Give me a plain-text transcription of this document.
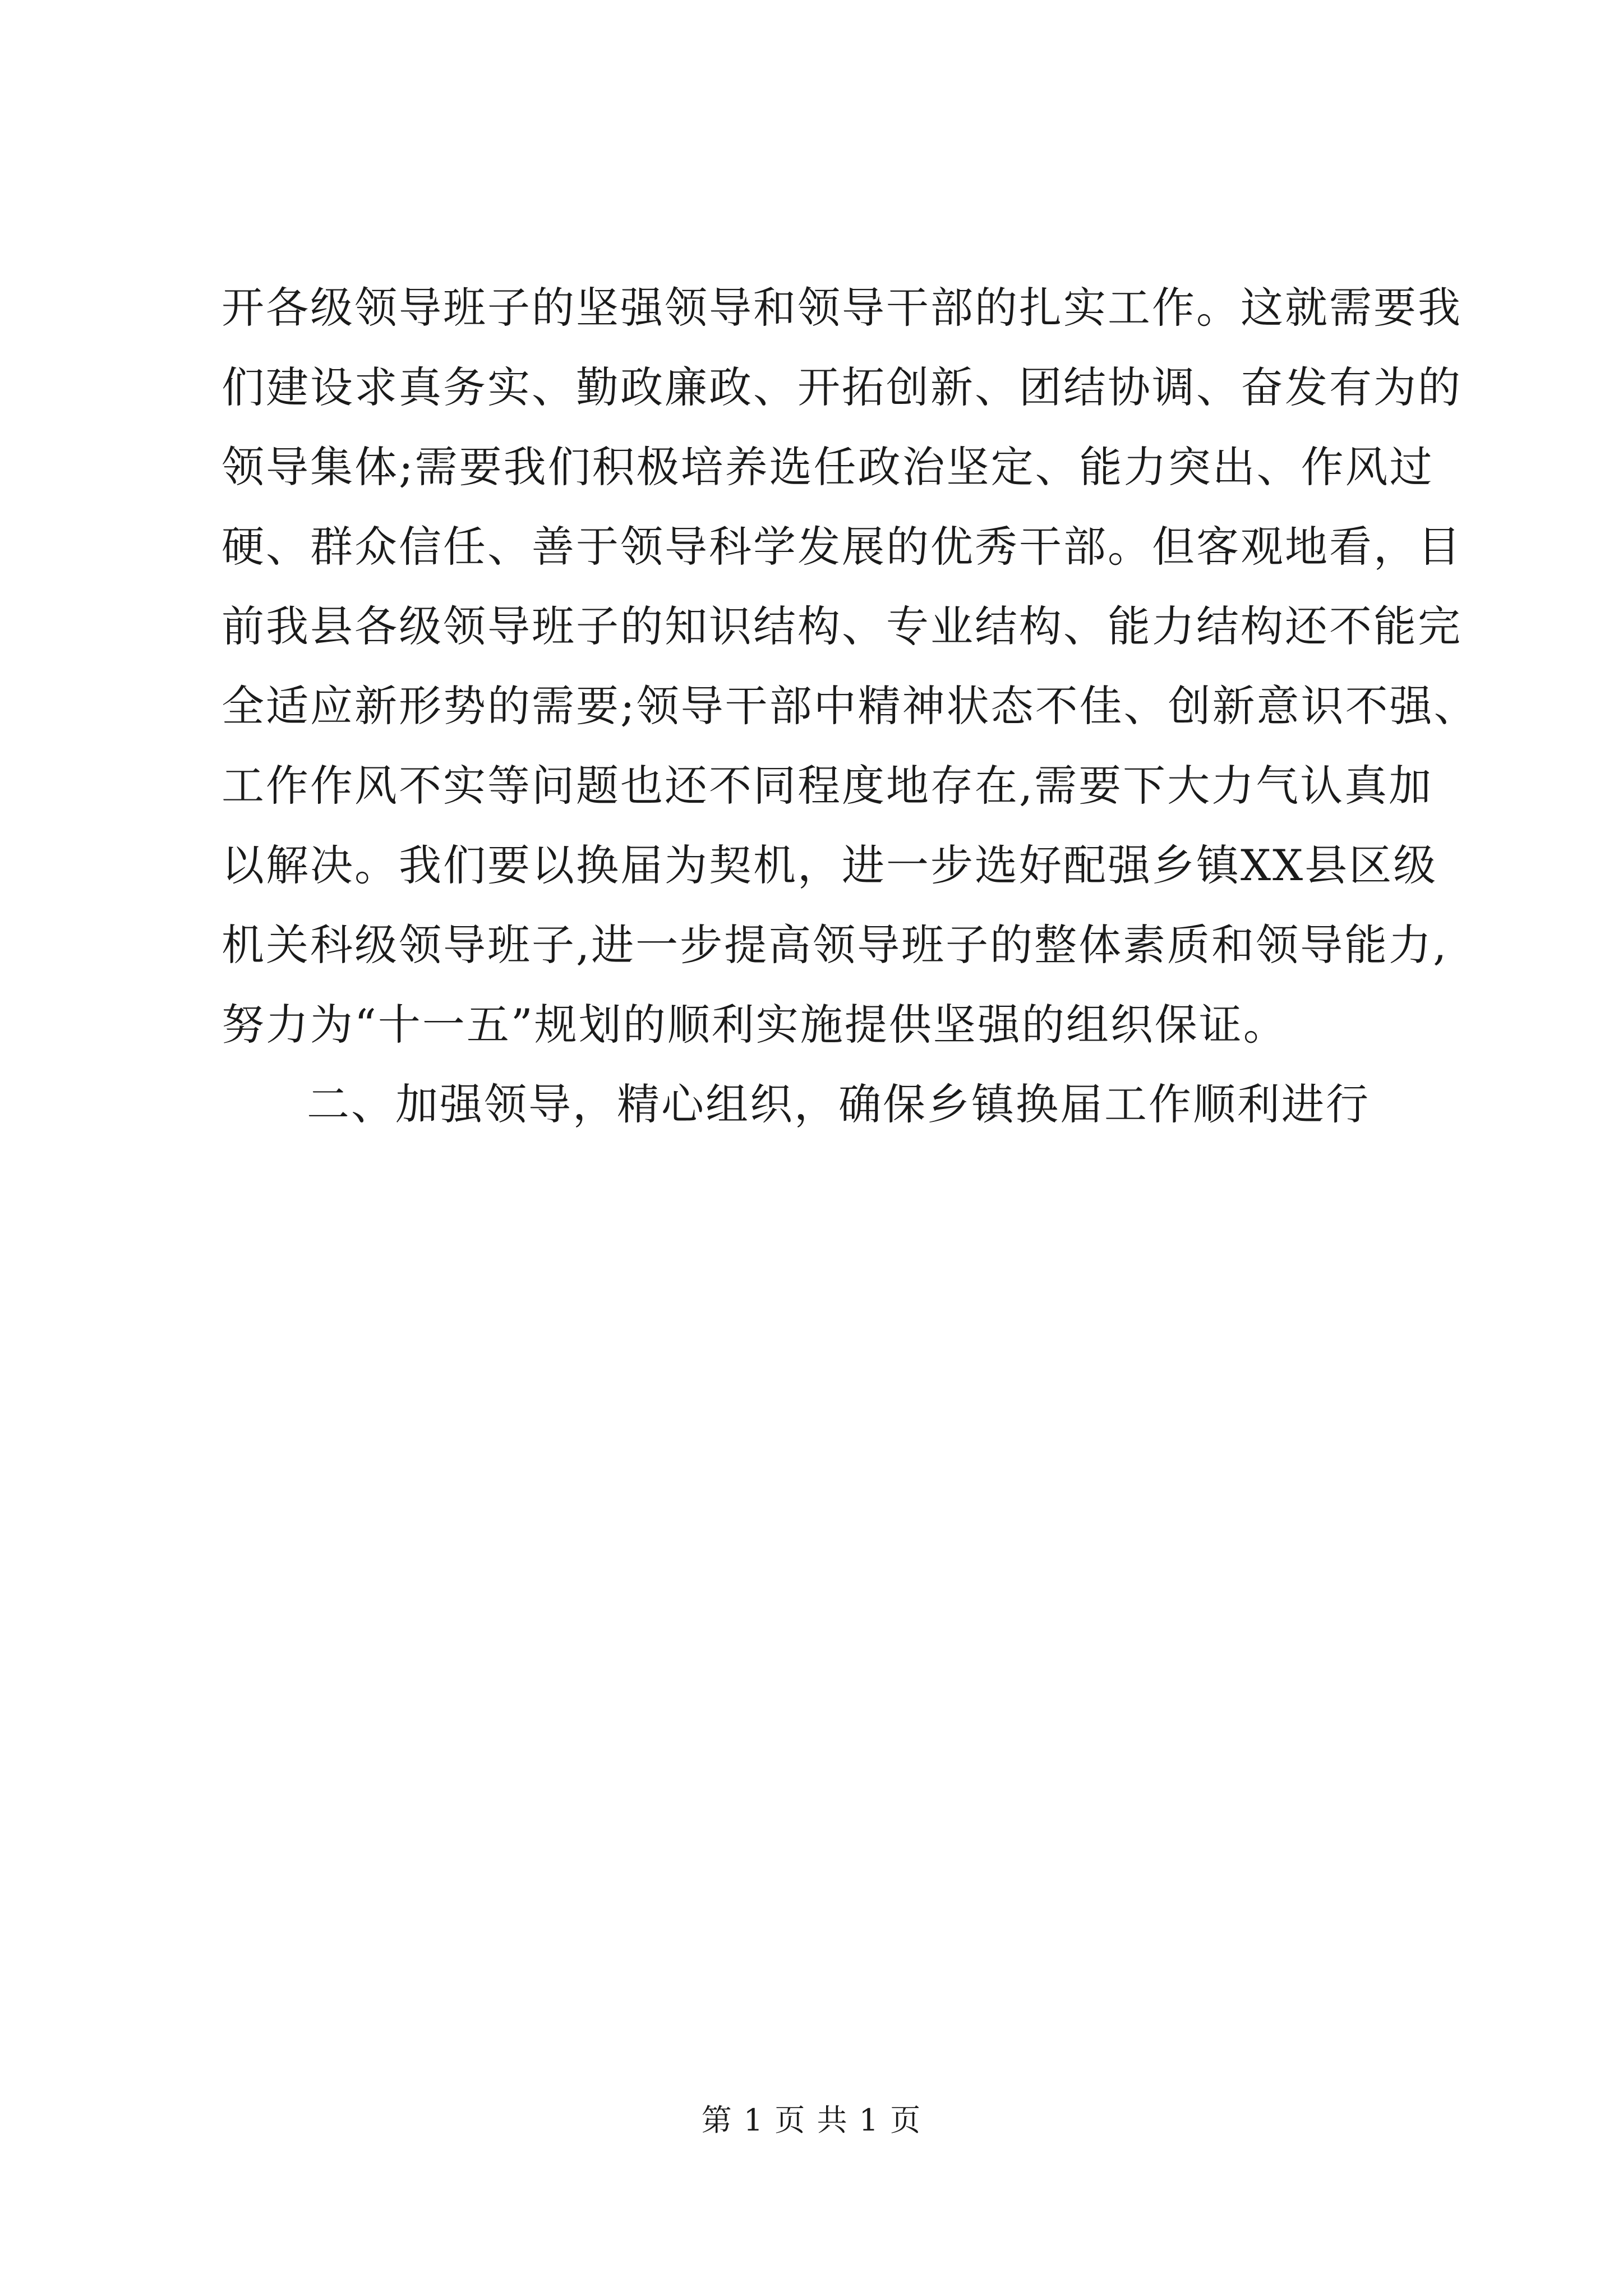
开各级领导班子的坚强领导和领导干部的扎实工作。这就需要我
们建设求真务实、勤政廉政、开拓创新、团结协调、奋发有为的
领导集体;需要我们积极培养选任政治坚定、能力突出、作风过
硬、群众信任、善于领导科学发展的优秀干部。但客观地看，目
前我县各级领导班子的知识结构、专业结构、能力结构还不能完
全适应新形势的需要;领导干部中精神状态不佳、创新意识不强、
工作作风不实等问题也还不同程度地存在,需要下大力气认真加
以解决。我们要以换届为契机，进一步选好配强乡镇XX县区级
机关科级领导班子,进一步提高领导班子的整体素质和领导能力,
努力为“十一五”规划的顺利实施提供坚强的组织保证。
二、加强领导，精心组织，确保乡镇换届工作顺利进行
第 1 页 共 1 页
